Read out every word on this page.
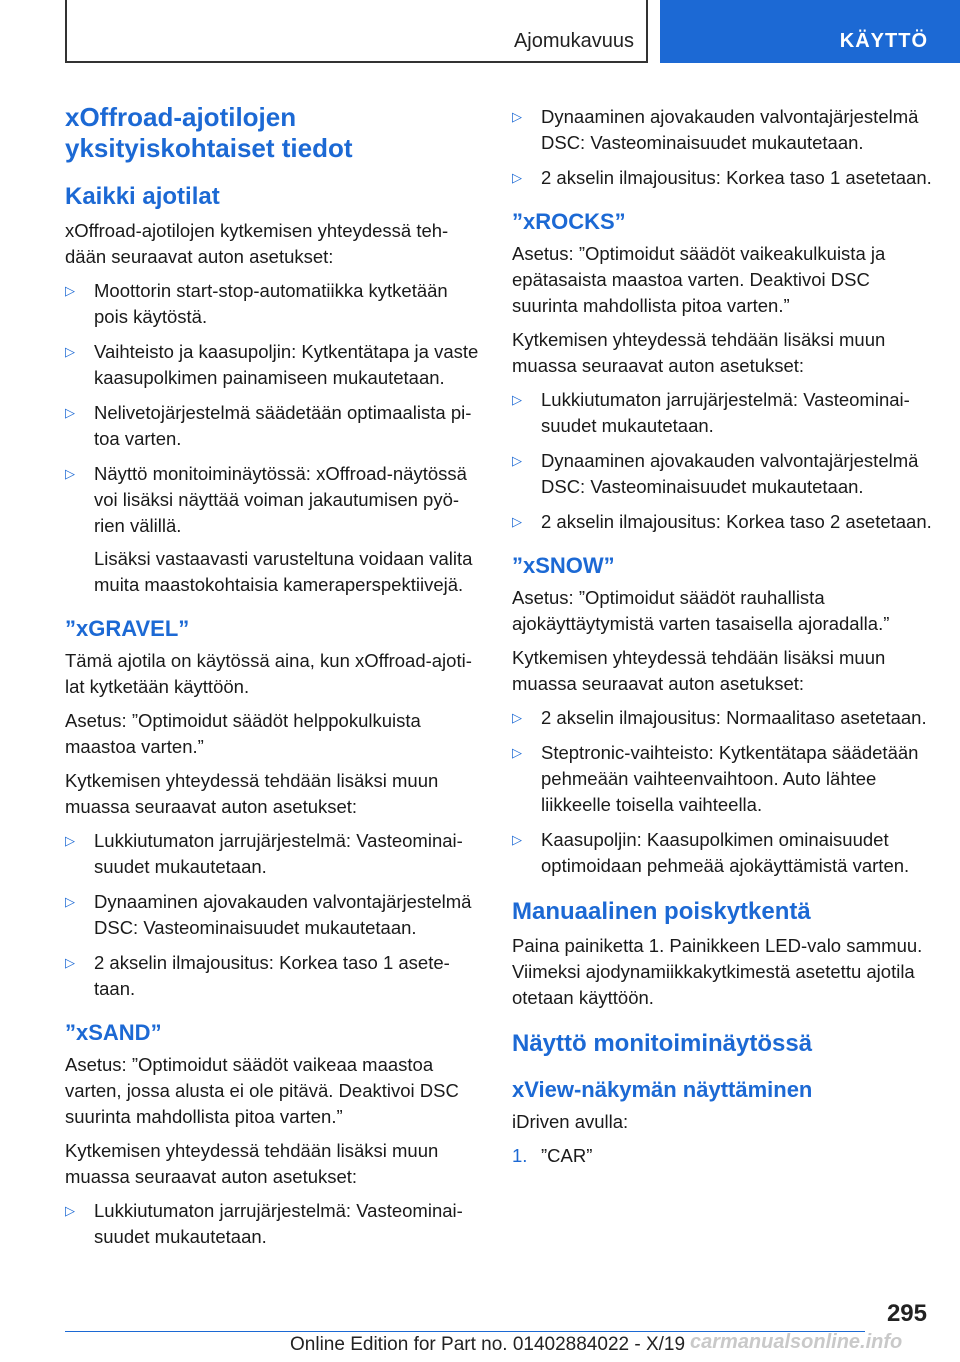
Ajomukavuus	KÄYTTÖ
xOffroad-ajotilojen yksityiskohtaiset tiedot
Kaikki ajotilat

xOffroad-ajotilojen kytkemisen yhteydessä tehdään seuraavat auton asetukset:

▷ Moottorin start-stop-automatiikka kytketään pois käytöstä.
▷ Vaihteisto ja kaasupoljin: Kytkentätapa ja vaste kaasupolkimen painamiseen mukautetaan.
▷ Nelivetojärjestelmä säädetään optimaalista pitoa varten.
▷ Näyttö monitoiminäytössä: xOffroad-näytössä voi lisäksi näyttää voiman jakautumisen pyörien välillä.
Lisäksi vastaavasti varusteltuna voidaan valita muita maastokohtaisia kameraperspektiivejä.
”xGRAVEL”

Tämä ajotila on käytössä aina, kun xOffroad-ajotilat kytketään käyttöön.

Asetus: ”Optimoidut säädöt helppokulkuista maastoa varten.”

Kytkemisen yhteydessä tehdään lisäksi muun muassa seuraavat auton asetukset:

▷ Lukkiutumaton jarrujärjestelmä: Vasteominaisuudet mukautetaan.
▷ Dynaaminen ajovakauden valvontajärjestelmä DSC: Vasteominaisuudet mukautetaan.
▷ 2 akselin ilmajousitus: Korkea taso 1 asetetaan.
”xSAND”

Asetus: ”Optimoidut säädöt vaikeaa maastoa varten, jossa alusta ei ole pitävä. Deaktivoi DSC suurinta mahdollista pitoa varten.”

Kytkemisen yhteydessä tehdään lisäksi muun muassa seuraavat auton asetukset:

▷ Lukkiutumaton jarrujärjestelmä: Vasteominaisuudet mukautetaan.
▷ Dynaaminen ajovakauden valvontajärjestelmä DSC: Vasteominaisuudet mukautetaan.
▷ 2 akselin ilmajousitus: Korkea taso 1 asetetaan.
”xROCKS”

Asetus: ”Optimoidut säädöt vaikeakulkuista ja epätasaista maastoa varten. Deaktivoi DSC suurinta mahdollista pitoa varten.”

Kytkemisen yhteydessä tehdään lisäksi muun muassa seuraavat auton asetukset:

▷ Lukkiutumaton jarrujärjestelmä: Vasteominaisuudet mukautetaan.
▷ Dynaaminen ajovakauden valvontajärjestelmä DSC: Vasteominaisuudet mukautetaan.
▷ 2 akselin ilmajousitus: Korkea taso 2 asetetaan.
”xSNOW”

Asetus: ”Optimoidut säädöt rauhallista ajokäyttäytymistä varten tasaisella ajoradalla.”

Kytkemisen yhteydessä tehdään lisäksi muun muassa seuraavat auton asetukset:

▷ 2 akselin ilmajousitus: Normaalitaso asetetaan.
▷ Steptronic-vaihteisto: Kytkentätapa säädetään pehmeään vaihteenvaihtoon. Auto lähtee liikkeelle toisella vaihteella.
▷ Kaasupoljin: Kaasupolkimen ominaisuudet optimoidaan pehmeää ajokäyttämistä varten.
Manuaalinen poiskytkentä

Paina painiketta 1. Painikkeen LED-valo sammuu. Viimeksi ajodynamiikkakytkimestä asetettu ajotila otetaan käyttöön.

Näyttö monitoiminäytössä
xView-näkymän näyttäminen

iDriven avulla:

1. ”CAR”
295
Online Edition for Part no. 01402884022 - X/19 carmanualsonline.info
